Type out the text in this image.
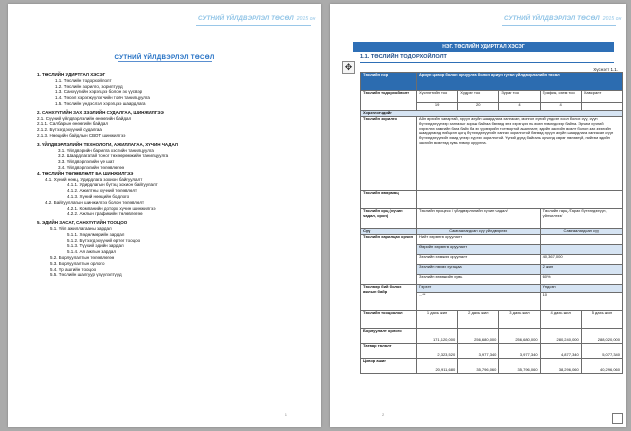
СУТНИЙ ҮЙЛДВЭРЛЭЛ ТӨСӨЛ 2015 он
СУТНИЙ ҮЙЛДВЭРЛЭЛ ТӨСӨЛ
1. ТӨСЛИЙН УДИРТГАЛ ХЭСЭГ
1.1. Төслийн тодорхойлолт
1.2. Төслийн зорилго, зорилтууд
1.3. Санхүүгийн хэрэгцээ болон эх үүсвэр
1.4. Төсөл хэрэгжүүлэгчийн товч танилцуулга
1.5. Төслийн үндэслэл хэрэгцээ шаардлага
2. САНХҮҮГИЙН ЗАХ ЗЭЭЛИЙН СУДАЛГАА, ШИНЖИЛГЭЭ
2.1. Сүүний үйлдвэрлэлийн өнөөгийн байдал
2.1.1. Салбарын өнөөгийн байдал
2.1.2. Бүтээгдэхүүний судалгаа
2.1.3. Нөөцийн байдлын СВОТ шинжилгээ
3. ҮЙЛДВЭРЛЭЛИЙН ТЕХНОЛОГИ, АЖИЛЛАГАА, ХҮЧИН ЧАДАЛ
3.1. Үйлдвэрийн барилга хэсгийн танилцуулга
3.2. Шаардлагатай тоног төхөөрөмжийн танилцуулга
3.3. Үйлдвэрлэлийн үе шат
3.4. Үйлдвэрлэлийн төлөвлөгөө
4. ТӨСЛИЙН ТӨЛӨВЛӨЛТ БА ШИНЖИЛГЭЭ
4.1. Хүний нөөц, Удирдлага зохион байгуулалт
4.1.1. Удирдлагын бүтэц зохион байгуулалт
4.1.2. Ажилтны хүчний төлөвлөлт
4.1.3. Хүний нөөцийн бодлого
4.2. Байгууллагын шинжилгээ болон төлөвлөлт
4.2.1. Компанийн доторх хүчин шинжилгээ
4.2.2. Ажлын графикийн төлөвлөгөө
5. ЭДИЙН ЗАСАГ, САНХҮҮГИЙН ТООЦОО
5.1. Үйл ажиллагааны зардал
5.1.1. Хөдөлмөрийн зардал
5.1.2. Бүтээгдэхүүний өртөг тооцоо
5.1.3. Түүхий эдийн зардал
5.1.4. Ая ажлын зардал
5.2. Борлуулалтын төлөвлөгөө
5.3. Борлуулалтын орлого
5.4. Үр ашгийн тооцоо
5.5. Төслийн шалгуур үзүүлэлтүүд
1
СУТНИЙ ҮЙЛДВЭРЛЭЛ ТӨСӨЛ 2015 он
НЭГ. ТӨСЛИЙН УДИРТГАЛ ХЭСЭГ
1.1. ТӨСЛИЙН ТОДОРХОЙЛОЛТ
✥	Хүснэгт 1.1.
Төслийн нэр	Ариун цэвэр болон орчуулга болон ариун гутал үйлдвэрлэлийн төсөл				
Төслийн тодорхойлолт	Хүснэгтийн тоо	Хүдрэг тоо	Зураг тоо	График, схем тоо	Хавсралт
	19	20	4	4	
Хэрэглэгчдийг					
Төслийн зорилго	Айл өрхийн чанартай, эрүүл ахуйн шаардлага хангасан, монгол хүний үндсэн хоол болох сүү, сүүн бүтээгдэхүүнээр хангахыг зорьж байгаа бөгөөд энэ хэрэгцээ нь өсөн нэмэгдсээр байна. Эрчим хүчний хэрэглээ хамгийн бага байх ба эх үүсвэрийн тогтвортой ашиглалт, эдийн засгийн өсөлт болон зах зээлийн шаардлагад нийцсэн цогц бүтээгдэхүүнийг хангах зорилготой бөгөөд эрүүл ахуйн шаардлага хангасан сүүн бүтээгдэхүүнийг хямд үнээр хүргэх зорилготой. Үүний дүнд байгаль орчинд сөрөг нөлөөгүй, нийгэм эдийн засгийн өсөлтөд хувь нэмэр оруулна.				
Төслийн өвөрмөц					
Төслийн орц (хүчин чадал, орон)	Төслийн процесс / үйлдвэрлэлийн хүчин чадал/			Төслийн гарц /Гарах бүтээгдэхүүн, үйлчилгээ/	
Сүү	Самгаалагдсан сүү үйлдвэрлэх			Самгаалагдсан сүү	
Төслийн харилцах орчин	Нийт хөрөнгө оруулалт				
	Өөрийн хөрөнгө оруулалт				
	Зээлийн хэмжээ оруулалт			40,367,000	
	Зээлийн нөхөх хугацаа			2 жил	
	Зээлийн өгөөжийн хувь			60%	
Төслөөр бий болох ажлын байр	Гэрээт			Үндсэн	
	...**			10	
Төслийн тооцоолол	1 дахь жил	2 дахь жил	3 дахь жил	4 дахь жил	5 дахь жил
Борлуулалт орлого	171,120,000	256,680,000	256,680,000	280,240,000	288,020,000
Татвар төлөлт	2,323,520	3,977,340	3,977,340	4,877,340	5,077,340
Цэвэр ашиг	20,911,680	35,796,060	35,796,060	38,296,060	40,296,060
2
